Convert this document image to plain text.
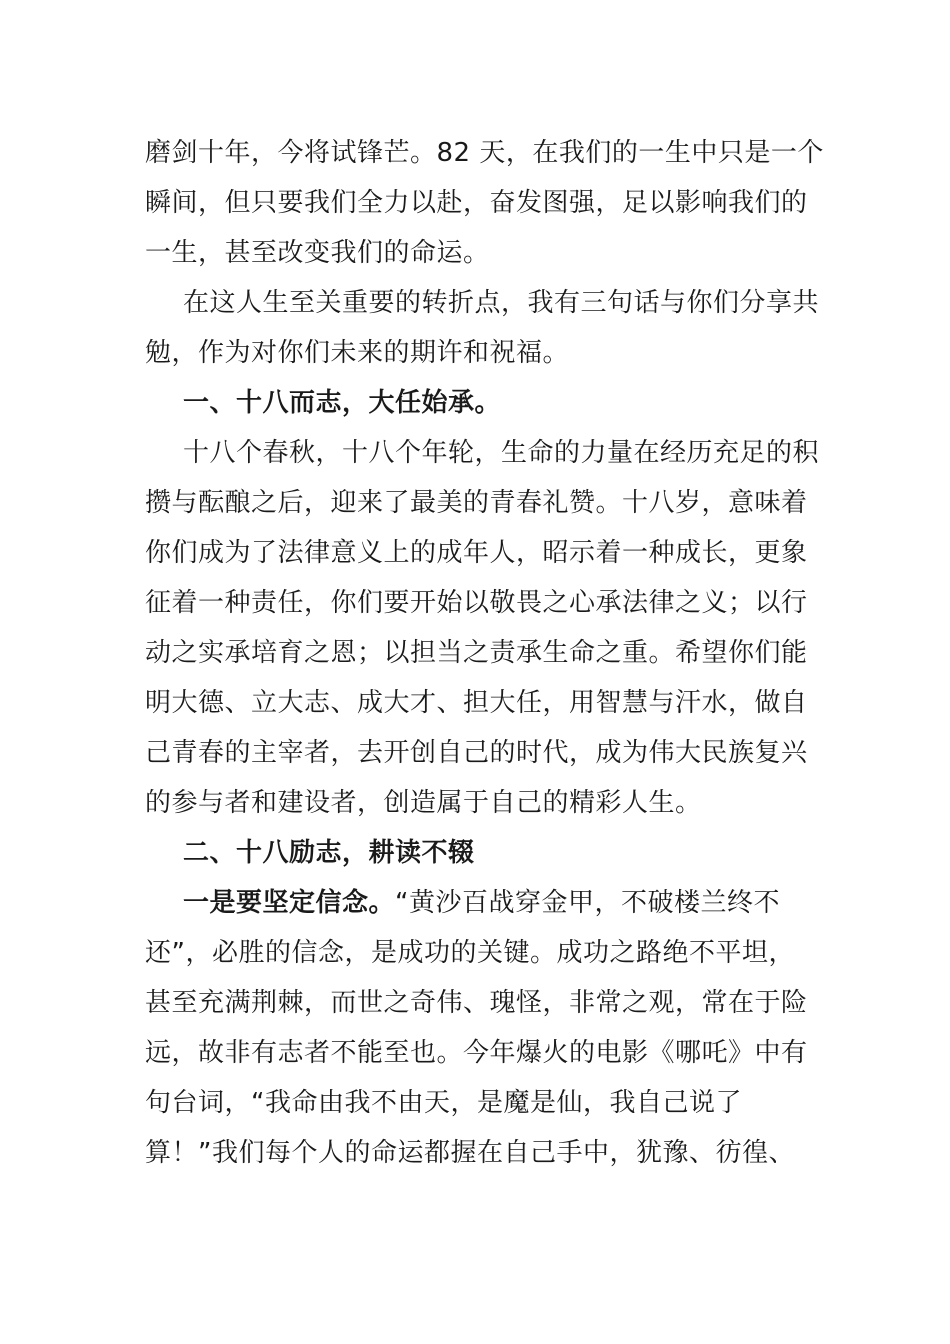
磨剑十年，今将试锋芒。82 天，在我们的一生中只是一个
瞬间，但只要我们全力以赴，奋发图强，足以影响我们的
一生，甚至改变我们的命运。
在这人生至关重要的转折点，我有三句话与你们分享共
勉，作为对你们未来的期许和祝福。
一、十八而志，大任始承。
十八个春秋，十八个年轮，生命的力量在经历充足的积
攒与酝酿之后，迎来了最美的青春礼赞。十八岁，意味着
你们成为了法律意义上的成年人，昭示着一种成长，更象
征着一种责任，你们要开始以敬畏之心承法律之义；以行
动之实承培育之恩；以担当之责承生命之重。希望你们能
明大德、立大志、成大才、担大任，用智慧与汗水，做自
己青春的主宰者，去开创自己的时代，成为伟大民族复兴
的参与者和建设者，创造属于自己的精彩人生。
二、十八励志，耕读不辍
一是要坚定信念。“黄沙百战穿金甲，不破楼兰终不
还”，必胜的信念，是成功的关键。成功之路绝不平坦，
甚至充满荆棘，而世之奇伟、瑰怪，非常之观，常在于险
远，故非有志者不能至也。今年爆火的电影《哪吒》中有
句台词，“我命由我不由天，是魔是仙，我自己说了
算！”我们每个人的命运都握在自己手中，犹豫、彷徨、
